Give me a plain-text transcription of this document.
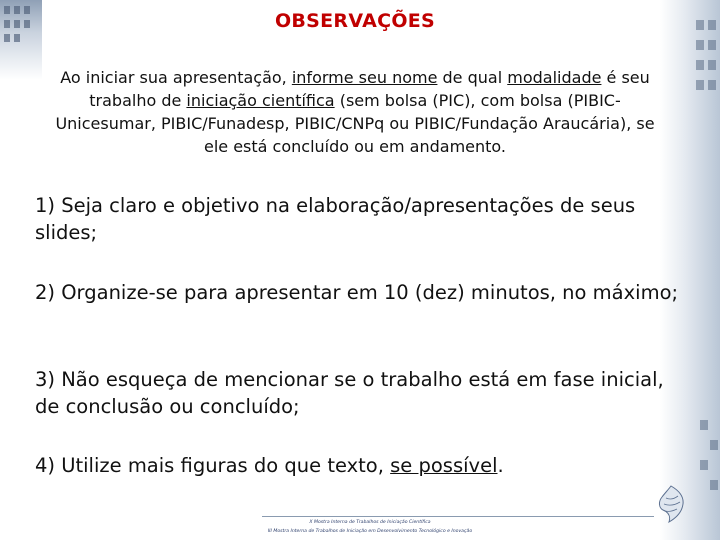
OBSERVAÇÕES
Ao iniciar sua apresentação, informe seu nome de qual modalidade é seu trabalho de iniciação científica (sem bolsa (PIC), com bolsa (PIBIC-Unicesumar, PIBIC/Funadesp, PIBIC/CNPq ou PIBIC/Fundação Araucária), se ele está concluído ou em andamento.
1) Seja claro e objetivo na elaboração/apresentações de seus slides;
2) Organize-se para apresentar em 10 (dez) minutos, no máximo;
3) Não esqueça de mencionar se o trabalho está em fase inicial, de conclusão ou concluído;
4) Utilize mais figuras do que texto, se possível.
X Mostra Interna de Trabalhos de Iniciação Científica
III Mostra Interna de Trabalhos de Iniciação em Desenvolvimento Tecnológico e Inovação
